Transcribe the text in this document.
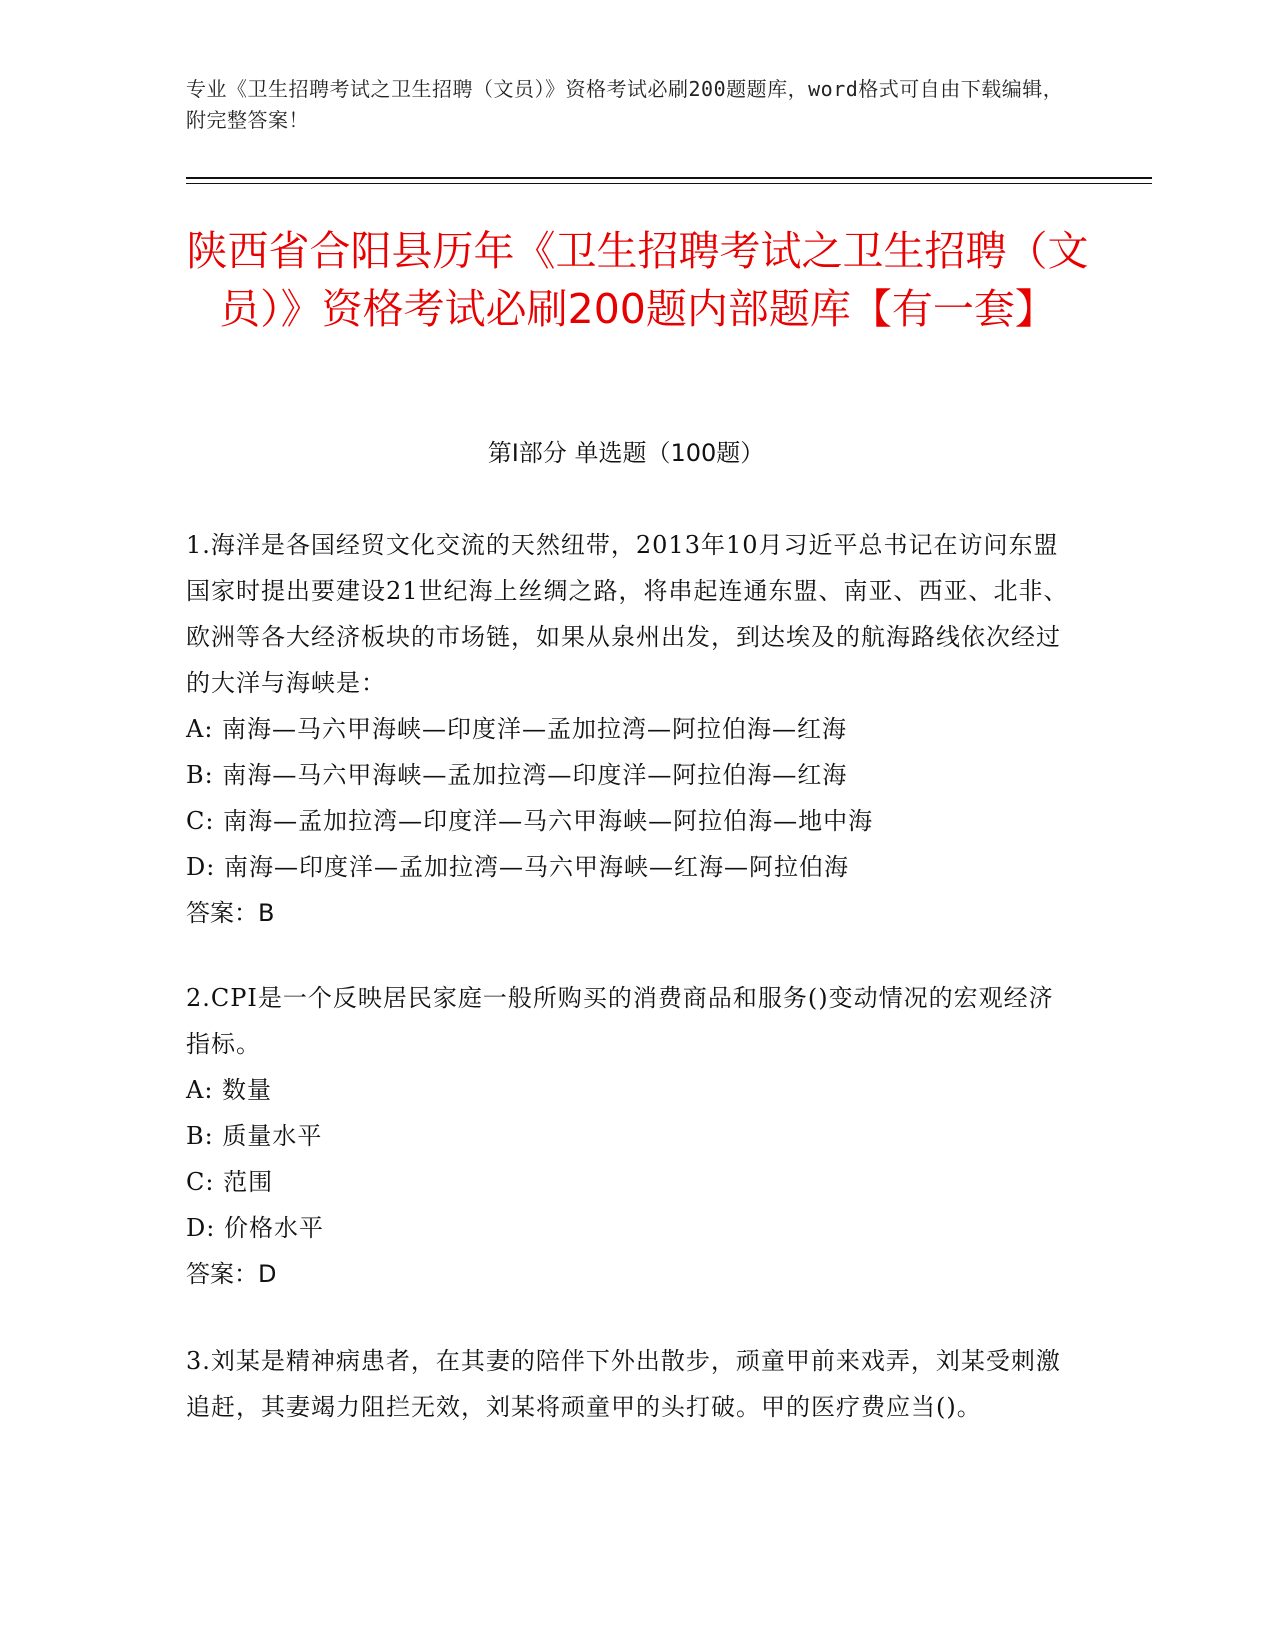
专业《卫生招聘考试之卫生招聘（文员）》资格考试必刷200题题库，word格式可自由下载编辑，附完整答案！
陕西省合阳县历年《卫生招聘考试之卫生招聘（文员）》资格考试必刷200题内部题库【有一套】
第I部分 单选题（100题）

1.海洋是各国经贸文化交流的天然纽带，2013年10月习近平总书记在访问东盟国家时提出要建设21世纪海上丝绸之路，将串起连通东盟、南亚、西亚、北非、欧洲等各大经济板块的市场链，如果从泉州出发，到达埃及的航海路线依次经过的大洋与海峡是：

A: 南海—马六甲海峡—印度洋—孟加拉湾—阿拉伯海—红海

B: 南海—马六甲海峡—孟加拉湾—印度洋—阿拉伯海—红海

C: 南海—孟加拉湾—印度洋—马六甲海峡—阿拉伯海—地中海

D: 南海—印度洋—孟加拉湾—马六甲海峡—红海—阿拉伯海

答案：B

2.CPI是一个反映居民家庭一般所购买的消费商品和服务()变动情况的宏观经济指标。

A: 数量

B: 质量水平

C: 范围

D: 价格水平

答案：D

3.刘某是精神病患者，在其妻的陪伴下外出散步，顽童甲前来戏弄，刘某受刺激追赶，其妻竭力阻拦无效，刘某将顽童甲的头打破。甲的医疗费应当()。
